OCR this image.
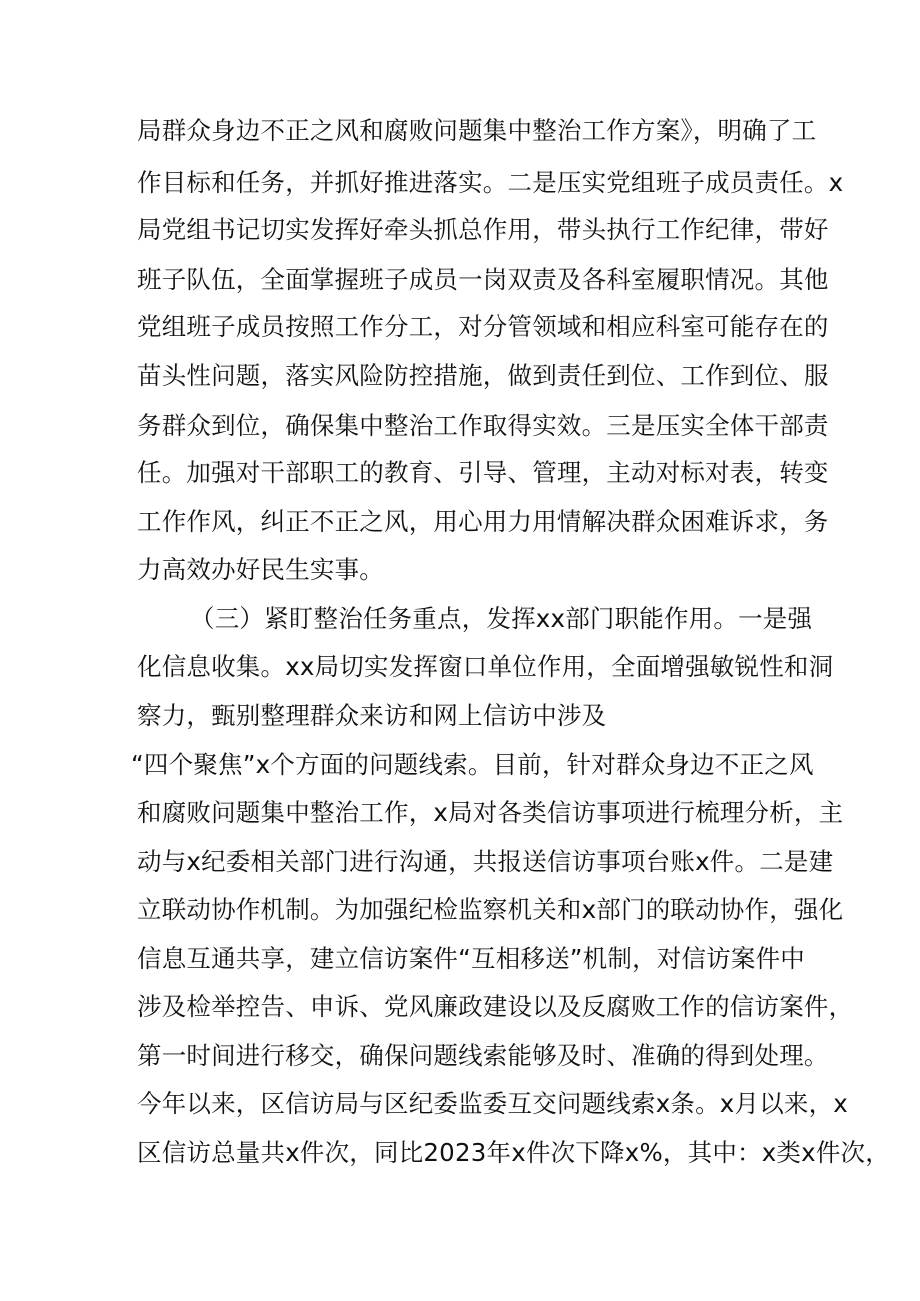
局群众身边不正之风和腐败问题集中整治工作方案》，明确了工
作目标和任务，并抓好推进落实。二是压实党组班子成员责任。x
局党组书记切实发挥好牵头抓总作用，带头执行工作纪律，带好
班子队伍，全面掌握班子成员一岗双责及各科室履职情况。其他
党组班子成员按照工作分工，对分管领域和相应科室可能存在的
苗头性问题，落实风险防控措施，做到责任到位、工作到位、服
务群众到位，确保集中整治工作取得实效。三是压实全体干部责
任。加强对干部职工的教育、引导、管理，主动对标对表，转变
工作作风，纠正不正之风，用心用力用情解决群众困难诉求，务
力高效办好民生实事。
（三）紧盯整治任务重点，发挥xx部门职能作用。一是强
化信息收集。xx局切实发挥窗口单位作用，全面增强敏锐性和洞
察力，甄别整理群众来访和网上信访中涉及
“四个聚焦”x个方面的问题线索。目前，针对群众身边不正之风
和腐败问题集中整治工作，x局对各类信访事项进行梳理分析，主
动与x纪委相关部门进行沟通，共报送信访事项台账x件。二是建
立联动协作机制。为加强纪检监察机关和x部门的联动协作，强化
信息互通共享，建立信访案件“互相移送”机制，对信访案件中
涉及检举控告、申诉、党风廉政建设以及反腐败工作的信访案件，
第一时间进行移交，确保问题线索能够及时、准确的得到处理。
今年以来，区信访局与区纪委监委互交问题线索x条。x月以来，x
区信访总量共x件次，同比2023年x件次下降x%，其中：x类x件次，
